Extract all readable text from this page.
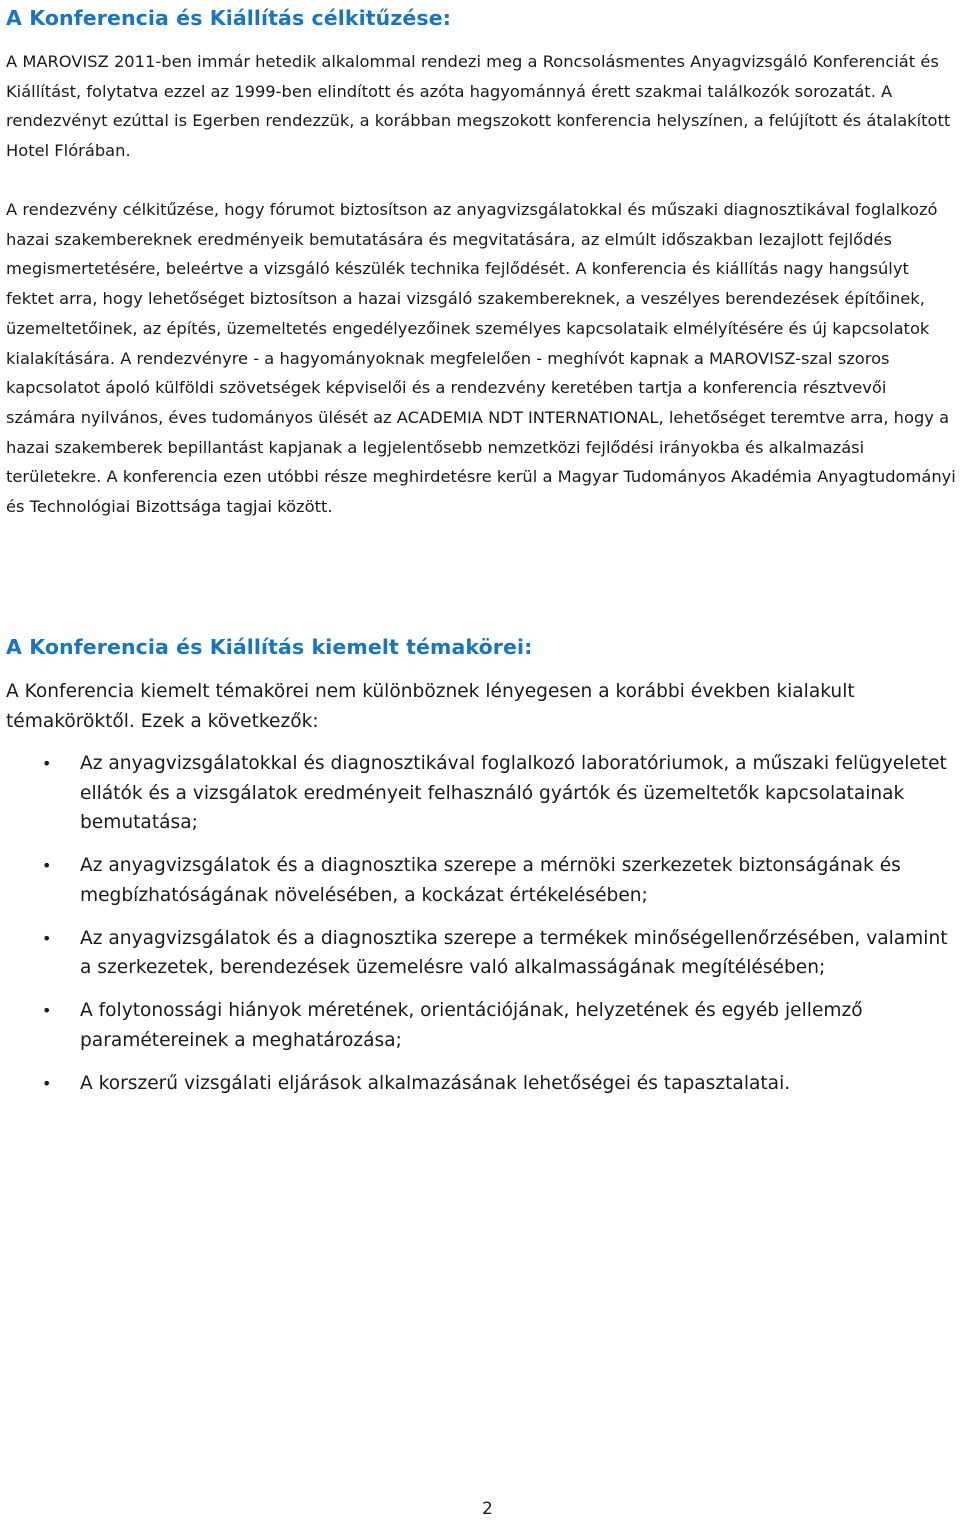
A Konferencia és Kiállítás célkitűzése:

A MAROVISZ 2011-ben immár hetedik alkalommal rendezi meg a Roncsolásmentes Anyagvizsgáló Konferenciát és Kiállítást, folytatva ezzel az 1999-ben elindított és azóta hagyománnyá érett szakmai találkozók sorozatát. A rendezvényt ezúttal is Egerben rendezzük, a korábban megszokott konferencia helyszínen, a felújított és átalakított Hotel Flórában.

A rendezvény célkitűzése, hogy fórumot biztosítson az anyagvizsgálatokkal és műszaki diagnosztikával foglalkozó hazai szakembereknek eredményeik bemutatására és megvitatására, az elmúlt időszakban lezajlott fejlődés megismertetésére, beleértve a vizsgáló készülék technika fejlődését. A konferencia és kiállítás nagy hangsúlyt fektet arra, hogy lehetőséget biztosítson a hazai vizsgáló szakembereknek, a veszélyes berendezések építőinek, üzemeltetőinek, az építés, üzemeltetés engedélyezőinek személyes kapcsolataik elmélyítésére és új kapcsolatok kialakítására. A rendezvényre - a hagyományoknak megfelelően - meghívót kapnak a MAROVISZ-szal szoros kapcsolatot ápoló külföldi szövetségek képviselői és a rendezvény keretében tartja a konferencia résztvevői számára nyilvános, éves tudományos ülését az ACADEMIA NDT INTERNATIONAL, lehetőséget teremtve arra, hogy a hazai szakemberek bepillantást kapjanak a legjelentősebb nemzetközi fejlődési irányokba és alkalmazási területekre. A konferencia ezen utóbbi része meghirdetésre kerül a Magyar Tudományos Akadémia Anyagtudományi és Technológiai Bizottsága tagjai között.

A Konferencia és Kiállítás kiemelt témakörei:

A Konferencia kiemelt témakörei nem különböznek lényegesen a korábbi években kialakult témaköröktől. Ezek a következők:

• Az anyagvizsgálatokkal és diagnosztikával foglalkozó laboratóriumok, a műszaki felügyeletet ellátók és a vizsgálatok eredményeit felhasználó gyártók és üzemeltetők kapcsolatainak bemutatása;
• Az anyagvizsgálatok és a diagnosztika szerepe a mérnöki szerkezetek biztonságának és megbízhatóságának növelésében, a kockázat értékelésében;
• Az anyagvizsgálatok és a diagnosztika szerepe a termékek minőségellenőrzésében, valamint a szerkezetek, berendezések üzemelésre való alkalmasságának megítélésében;
• A folytonossági hiányok méretének, orientációjának, helyzetének és egyéb jellemző paramétereinek a meghatározása;
• A korszerű vizsgálati eljárások alkalmazásának lehetőségei és tapasztalatai.
2
